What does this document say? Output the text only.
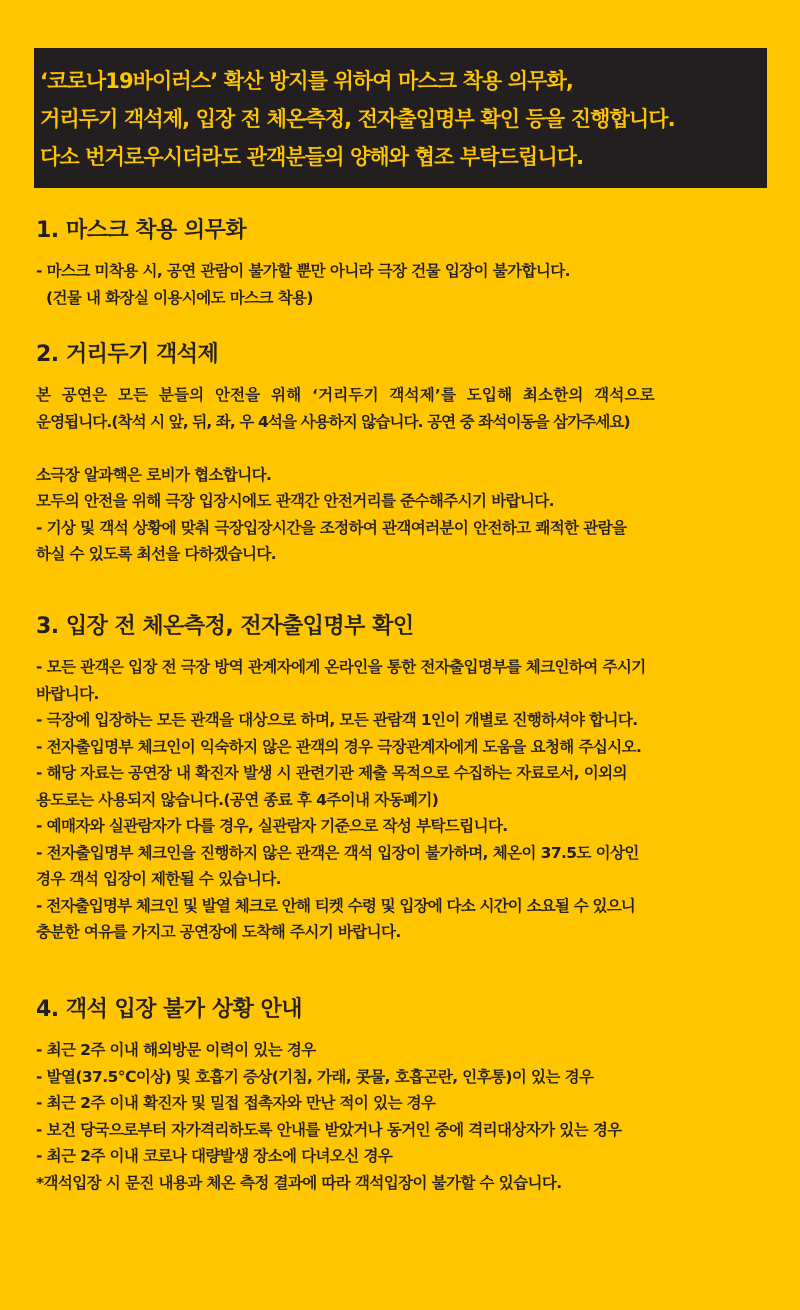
‘코로나19바이러스’ 확산 방지를 위하여 마스크 착용 의무화,
거리두기 객석제, 입장 전 체온측정, 전자출입명부 확인 등을 진행합니다.
다소 번거로우시더라도 관객분들의 양해와 협조 부탁드립니다.
1. 마스크 착용 의무화
- 마스크 미착용 시, 공연 관람이 불가할 뿐만 아니라 극장 건물 입장이 불가합니다.
(건물 내 화장실 이용시에도 마스크 착용)
2. 거리두기 객석제
본 공연은 모든 분들의 안전을 위해 ‘거리두기 객석제’를 도입해 최소한의 객석으로
운영됩니다.(착석 시 앞, 뒤, 좌, 우 4석을 사용하지 않습니다. 공연 중 좌석이동을 삼가주세요)
소극장 알과핵은 로비가 협소합니다.
모두의 안전을 위해 극장 입장시에도 관객간 안전거리를 준수해주시기 바랍니다.
- 기상 및 객석 상황에 맞춰 극장입장시간을 조정하여 관객여러분이 안전하고 쾌적한 관람을
하실 수 있도록 최선을 다하겠습니다.
3. 입장 전 체온측정, 전자출입명부 확인
- 모든 관객은 입장 전 극장 방역 관계자에게 온라인을 통한 전자출입명부를 체크인하여 주시기
바랍니다.
- 극장에 입장하는 모든 관객을 대상으로 하며, 모든 관람객 1인이 개별로 진행하셔야 합니다.
- 전자출입명부 체크인이 익숙하지 않은 관객의 경우 극장관계자에게 도움을 요청해 주십시오.
- 해당 자료는 공연장 내 확진자 발생 시 관련기관 제출 목적으로 수집하는 자료로서, 이외의
용도로는 사용되지 않습니다.(공연 종료 후 4주이내 자동폐기)
- 예매자와 실관람자가 다를 경우, 실관람자 기준으로 작성 부탁드립니다.
- 전자출입명부 체크인을 진행하지 않은 관객은 객석 입장이 불가하며, 체온이 37.5도 이상인
경우 객석 입장이 제한될 수 있습니다.
- 전자출입명부 체크인 및 발열 체크로 안해 티켓 수령 및 입장에 다소 시간이 소요될 수 있으니
충분한 여유를 가지고 공연장에 도착해 주시기 바랍니다.
4. 객석 입장 불가 상황 안내
- 최근 2주 이내 해외방문 이력이 있는 경우
- 발열(37.5℃이상) 및 호흡기 증상(기침, 가래, 콧물, 호흡곤란, 인후통)이 있는 경우
- 최근 2주 이내 확진자 및 밀접 접촉자와 만난 적이 있는 경우
- 보건 당국으로부터 자가격리하도록 안내를 받았거나 동거인 중에 격리대상자가 있는 경우
- 최근 2주 이내 코로나 대량발생 장소에 다녀오신 경우
*객석입장 시 문진 내용과 체온 측정 결과에 따라 객석입장이 불가할 수 있습니다.
